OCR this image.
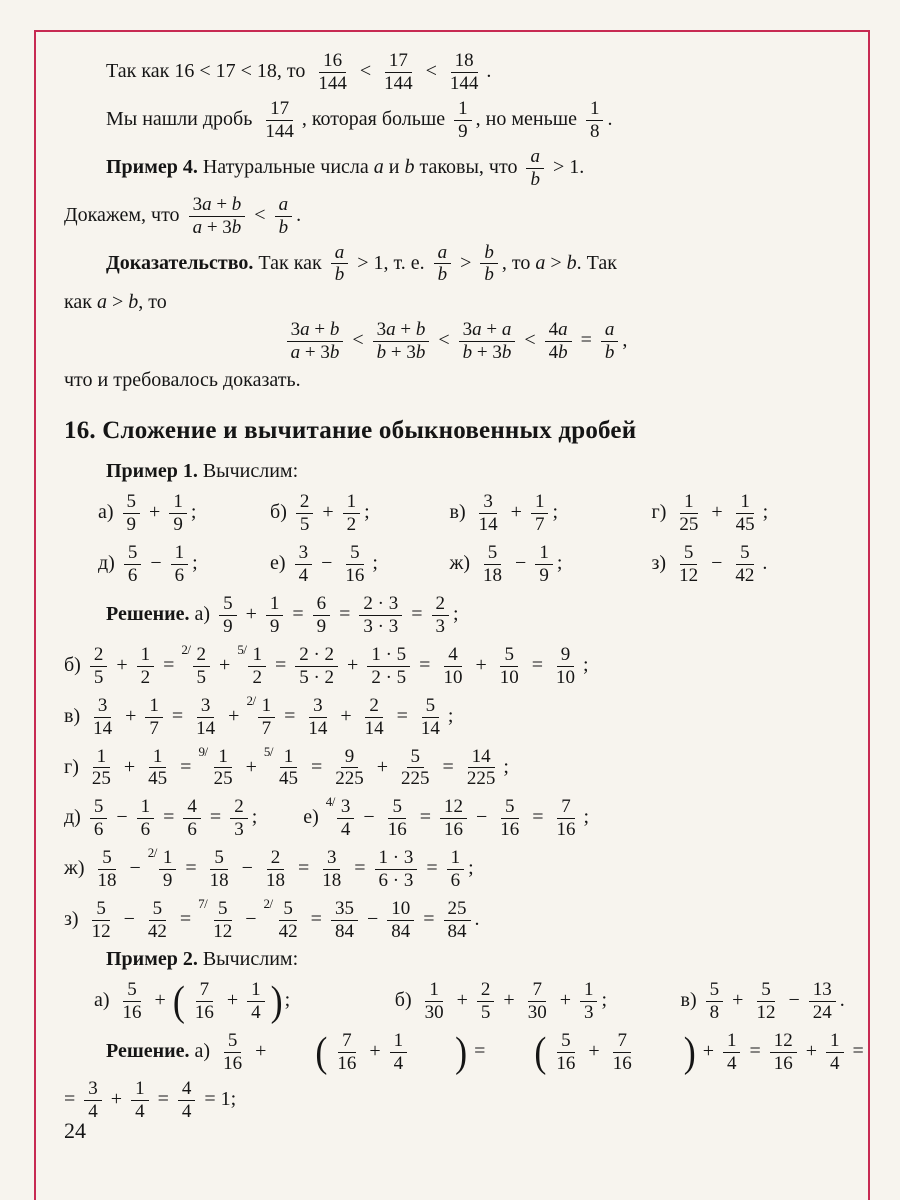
Так как 16 < 17 < 18, то $\frac{16}{144} < \frac{17}{144} < \frac{18}{144}$ .
Мы нашли дробь $\frac{17}{144}$ , которая больше $\frac{1}{9}$ , но меньше $\frac{1}{8}$ .
Пример 4. Натуральные числа a и b таковы, что $\frac{a}{b} > 1$.
Докажем, что $\frac{3a + b}{a + 3b} < \frac{a}{b}$ .
Доказательство. Так как $\frac{a}{b} > 1$, т. е. $\frac{a}{b} > \frac{b}{b}$ , то a > b. Так
как a > b, то
$\frac{3a + b}{a + 3b} < \frac{3a + b}{b + 3b} < \frac{3a + a}{b + 3b} < \frac{4a}{4b} = \frac{a}{b}$ ,
что и требовалось доказать.
16. Сложение и вычитание обыкновенных дробей
Пример 1. Вычислим:
$а) \frac{5}{9} + \frac{1}{9}$ ;	$б) \frac{2}{5} + \frac{1}{2}$ ;	$в) \frac{3}{14} + \frac{1}{7}$ ;	$г) \frac{1}{25} + \frac{1}{45}$ ;
$д) \frac{5}{6} - \frac{1}{6}$ ;	$е) \frac{3}{4} - \frac{5}{16}$ ;	$ж) \frac{5}{18} - \frac{1}{9}$ ;	$з) \frac{5}{12} - \frac{5}{42}$ .
Решение. $а) \frac{5}{9} + \frac{1}{9} = \frac{6}{9} = \frac{2 \cdot 3}{3 \cdot 3} = \frac{2}{3}$ ;
$б) \frac{2}{5} + \frac{1}{2} = ^{2/} \frac{2}{5} + ^{5/} \frac{1}{2} = \frac{2 \cdot 2}{5 \cdot 2} + \frac{1 \cdot 5}{2 \cdot 5} = \frac{4}{10} + \frac{5}{10} = \frac{9}{10}$ ;
$в) \frac{3}{14} + \frac{1}{7} = \frac{3}{14} + ^{2/} \frac{1}{7} = \frac{3}{14} + \frac{2}{14} = \frac{5}{14}$ ;
$г) \frac{1}{25} + \frac{1}{45} = ^{9/} \frac{1}{25} + ^{5/} \frac{1}{45} = \frac{9}{225} + \frac{5}{225} = \frac{14}{225}$ ;
$д) \frac{5}{6} - \frac{1}{6} = \frac{4}{6} = \frac{2}{3}$ ; е) $^{4/} \frac{3}{4} - \frac{5}{16} = \frac{12}{16} - \frac{5}{16} = \frac{7}{16}$ ;
$ж) \frac{5}{18} - ^{2/} \frac{1}{9} = \frac{5}{18} - \frac{2}{18} = \frac{3}{18} = \frac{1 \cdot 3}{6 \cdot 3} = \frac{1}{6}$ ;
$з) \frac{5}{12} - \frac{5}{42} = ^{7/} \frac{5}{12} - ^{2/} \frac{5}{42} = \frac{35}{84} - \frac{10}{84} = \frac{25}{84}$ .
Пример 2. Вычислим:
$а) \frac{5}{16}$ + ( $\frac{7}{16} + \frac{1}{4}$ ) ;	$б) \frac{1}{30} + \frac{2}{5} + \frac{7}{30} + \frac{1}{3}$ ;	$в) \frac{5}{8} + \frac{5}{12} - \frac{13}{24}$ .
Решение. $а) \frac{5}{16}$ + ( $\frac{7}{16} + \frac{1}{4}$ ) = ( $\frac{5}{16} + \frac{7}{16}$ ) + $\frac{1}{4} = \frac{12}{16} + \frac{1}{4}$ =
= $\frac{3}{4} + \frac{1}{4} = \frac{4}{4} = 1$;
24
